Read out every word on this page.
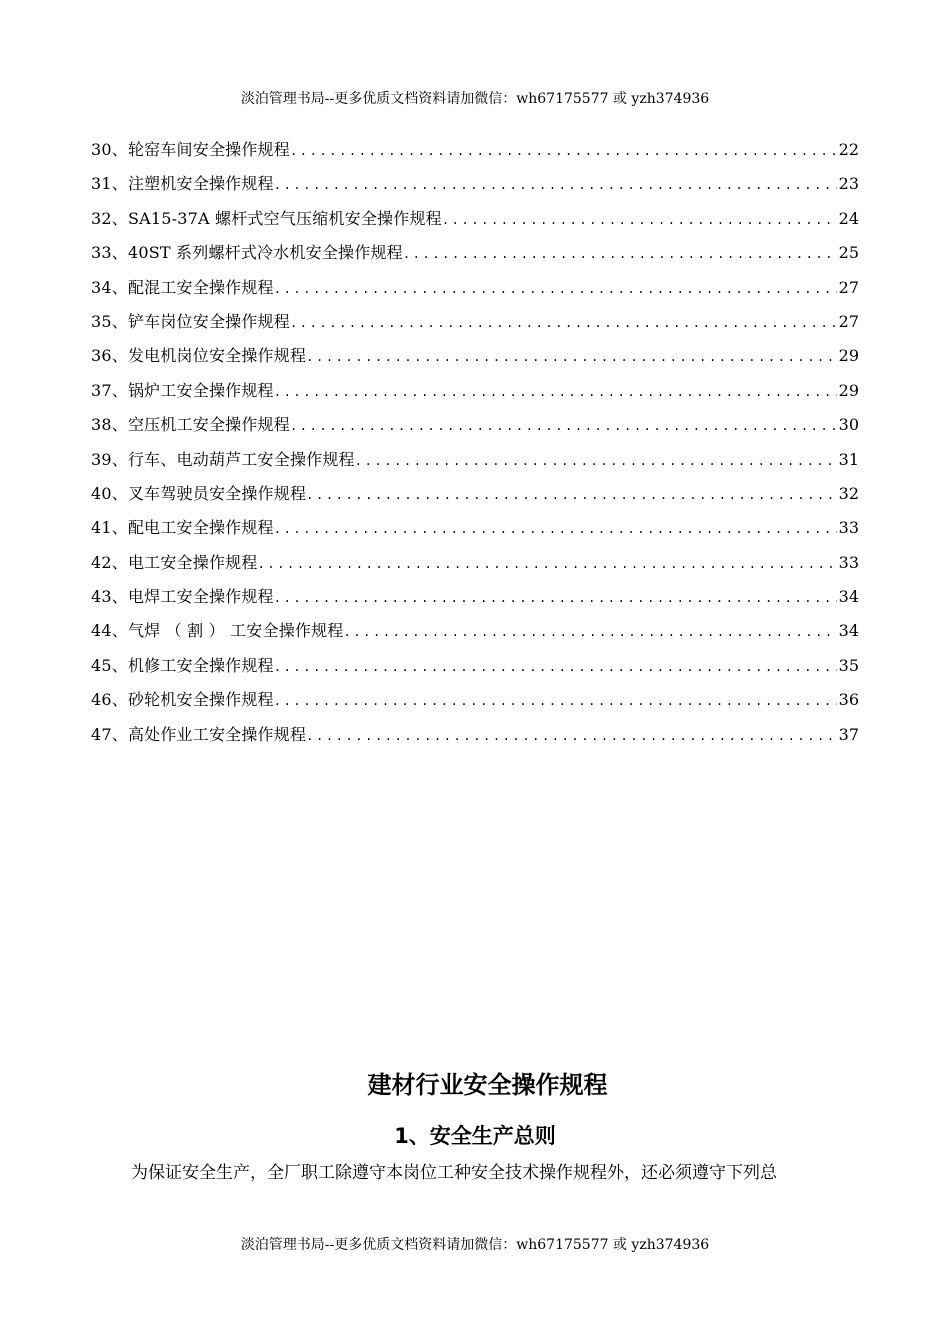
淡泊管理书局--更多优质文档资料请加微信：wh67175577 或 yzh374936
30、轮窑车间安全操作规程 .....	22
31、注塑机安全操作规程 .....	23
32、SA15-37A 螺杆式空气压缩机安全操作规程 .....	24
33、40ST 系列螺杆式冷水机安全操作规程 .....	25
34、配混工安全操作规程 .....	27
35、铲车岗位安全操作规程 .....	27
36、发电机岗位安全操作规程 .....	29
37、锅炉工安全操作规程 .....	29
38、空压机工安全操作规程 .....	30
39、行车、电动葫芦工安全操作规程 .....	31
40、叉车驾驶员安全操作规程 .....	32
41、配电工安全操作规程 .....	33
42、电工安全操作规程 .....	33
43、电焊工安全操作规程 .....	34
44、气焊 （ 割 ） 工安全操作规程 .....	34
45、机修工安全操作规程 .....	35
46、砂轮机安全操作规程 .....	36
47、高处作业工安全操作规程 .....	37
建材行业安全操作规程
1、安全生产总则
为保证安全生产，全厂职工除遵守本岗位工种安全技术操作规程外，还必须遵守下列总
淡泊管理书局--更多优质文档资料请加微信：wh67175577 或 yzh374936
